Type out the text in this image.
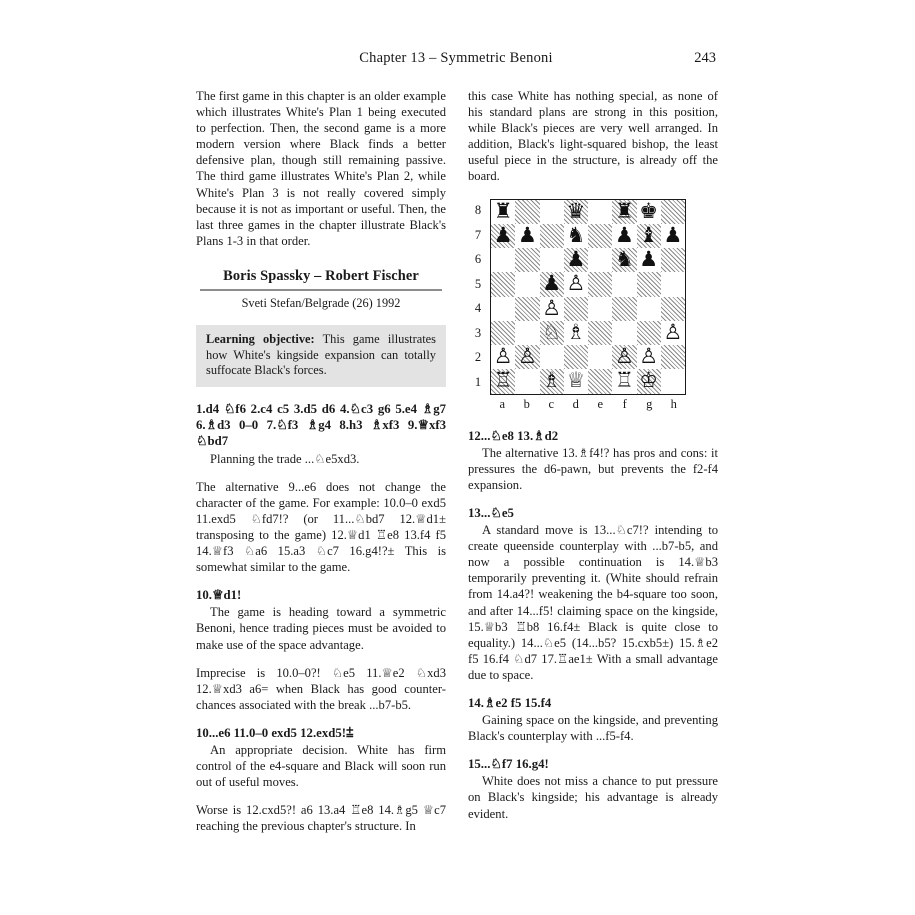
Chapter 13 – Symmetric Benoni	243

The first game in this chapter is an older example which illustrates White's Plan 1 being executed to perfection. Then, the second game is a more modern version where Black finds a better defensive plan, though still remaining passive. The third game illustrates White's Plan 2, while White's Plan 3 is not really covered simply because it is not as important or useful. Then, the last three games in the chapter illustrate Black's Plans 1-3 in that order.

Boris Spassky – Robert Fischer
Sveti Stefan/Belgrade (26) 1992

Learning objective: This game illustrates how White's kingside expansion can totally suffocate Black's forces.

1.d4 ♘f6 2.c4 c5 3.d5 d6 4.♘c3 g6 5.e4 ♗g7 6.♗d3 0–0 7.♘f3 ♗g4 8.h3 ♗xf3 9.♕xf3 ♘bd7

Planning the trade ...♘e5xd3.

The alternative 9...e6 does not change the character of the game. For example: 10.0–0 exd5 11.exd5 ♘fd7!? (or 11...♘bd7 12.♕d1± transposing to the game) 12.♕d1 ♖e8 13.f4 f5 14.♕f3 ♘a6 15.a3 ♘c7 16.g4!?± This is somewhat similar to the game.

10.♕d1!

The game is heading toward a symmetric Benoni, hence trading pieces must be avoided to make use of the space advantage.

Imprecise is 10.0–0?! ♘e5 11.♕e2 ♘xd3 12.♕xd3 a6= when Black has good counter-chances associated with the break ...b7-b5.

10...e6 11.0–0 exd5 12.exd5!⩲

An appropriate decision. White has firm control of the e4-square and Black will soon run out of useful moves.

Worse is 12.cxd5?! a6 13.a4 ♖e8 14.♗g5 ♕c7 reaching the previous chapter's structure. In

this case White has nothing special, as none of his standard plans are strong in this position, while Black's pieces are very well arranged. In addition, Black's light-squared bishop, the least useful piece in the structure, is already off the board.

8
7
6
5
4
3
2
1
♜	♛ ♜ ♚
♟ ♟ ♞ ♟ ♝ ♟
♟ ♞ ♟
♟ ♙
♙
♘ ♗	♙
♙ ♙	♙ ♙
♖ ♗ ♕ ♖ ♔
a	b	c	d	e	f	g	h

12...♘e8 13.♗d2

The alternative 13.♗f4!? has pros and cons: it pressures the d6-pawn, but prevents the f2-f4 expansion.

13...♘e5

A standard move is 13...♘c7!? intending to create queenside counterplay with ...b7-b5, and now a possible continuation is 14.♕b3 temporarily preventing it. (White should refrain from 14.a4?! weakening the b4-square too soon, and after 14...f5! claiming space on the kingside, 15.♕b3 ♖b8 16.f4± Black is quite close to equality.) 14...♘e5 (14...b5? 15.cxb5±) 15.♗e2 f5 16.f4 ♘d7 17.♖ae1± With a small advantage due to space.

14.♗e2 f5 15.f4

Gaining space on the kingside, and preventing Black's counterplay with ...f5-f4.

15...♘f7 16.g4!

White does not miss a chance to put pressure on Black's kingside; his advantage is already evident.
